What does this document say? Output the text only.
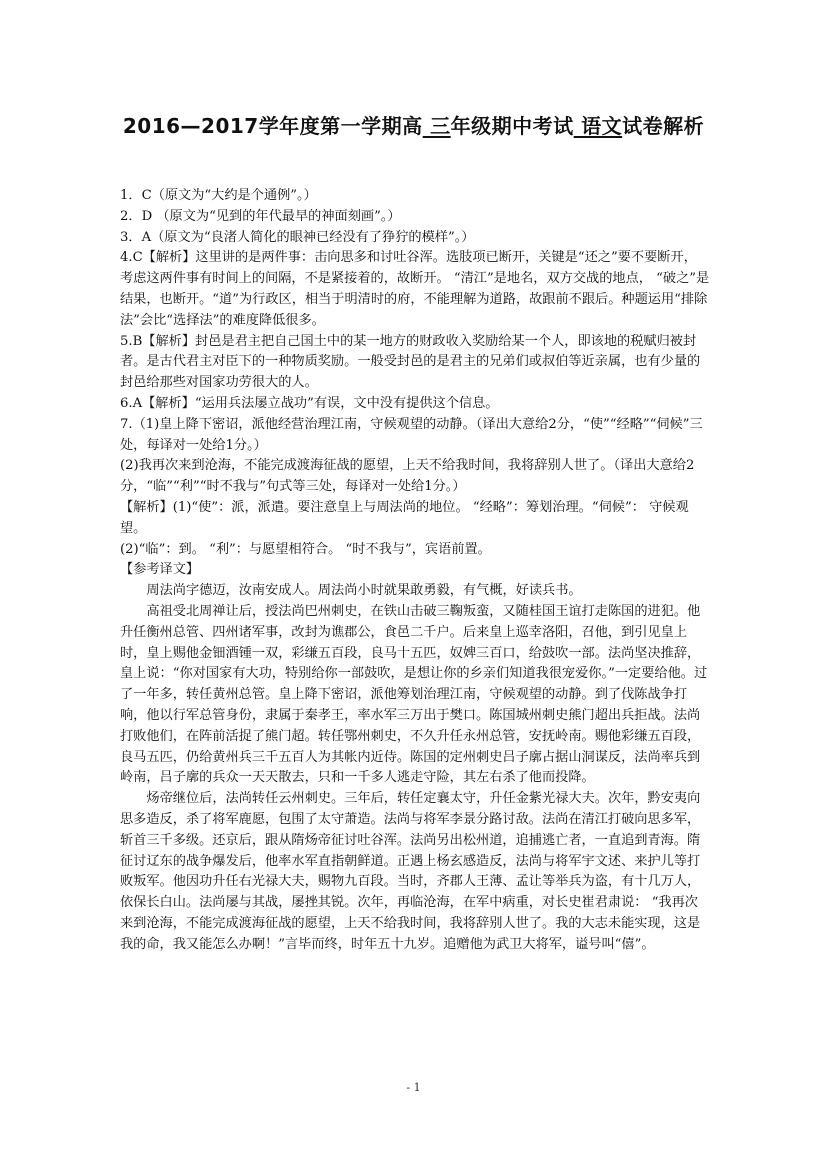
2016—2017学年度第一学期高 三年级期中考试 语文试卷解析

1．C（原文为“大约是个通例”。）

2．D （原文为“见到的年代最早的神面刻画”。）

3．A（原文为“良渚人简化的眼神已经没有了狰狞的模样”。）

4.C【解析】这里讲的是两件事：击向思多和讨吐谷浑。选肢项已断开，关键是“还之”要不要断开，考虑这两件事有时间上的间隔，不是紧接着的，故断开。 “清江”是地名，双方交战的地点， “破之”是结果，也断开。“道”为行政区，相当于明清时的府，不能理解为道路，故跟前不跟后。种题运用“排除法”会比“选择法”的难度降低很多。

5.B【解析】封邑是君主把自己国土中的某一地方的财政收入奖励给某一个人，即该地的税赋归被封者。是古代君主对臣下的一种物质奖励。一般受封邑的是君主的兄弟们或叔伯等近亲属，也有少量的封邑给那些对国家功劳很大的人。

6.A【解析】“运用兵法屡立战功”有误，文中没有提供这个信息。

7.（1)皇上降下密诏，派他经营治理江南，守候观望的动静。（译出大意给2分，“使”“经略”“伺候”三处，每译对一处给1分。）

(2)我再次来到沧海，不能完成渡海征战的愿望，上天不给我时间，我将辞别人世了。（译出大意给2分，“临”“利”“时不我与”句式等三处，每译对一处给1分。）

【解析】(1)“使”：派，派遣。要注意皇上与周法尚的地位。 “经略”：筹划治理。“伺候”： 守候观望。

(2)“临”：到。 “利”：与愿望相符合。 “时不我与”，宾语前置。

【参考译文】

周法尚字德迈，汝南安成人。周法尚小时就果敢勇毅，有气概，好读兵书。

高祖受北周禅让后，授法尚巴州刺史，在铁山击破三鞠叛蛮，又随桂国王谊打走陈国的进犯。他升任衡州总管、四州诸军事，改封为谯郡公，食邑二千户。后来皇上巡幸洛阳，召他，到引见皇上时，皇上赐他金钿酒锺一双，彩缣五百段，良马十五匹，奴婢三百口，给鼓吹一部。法尚坚决推辞，皇上说：“你对国家有大功，特别给你一部鼓吹，是想让你的乡亲们知道我很宠爱你。”一定要给他。过了一年多，转任黄州总管。皇上降下密诏，派他筹划治理江南，守候观望的动静。到了伐陈战争打响，他以行军总管身份，隶属于秦孝王，率水军三万出于樊口。陈国城州刺史熊门超出兵拒战。法尚打败他们，在阵前活捉了熊门超。转任鄂州刺史，不久升任永州总管，安抚岭南。赐他彩缣五百段，良马五匹，仍给黄州兵三千五百人为其帐内近侍。陈国的定州刺史吕子廓占据山洞谋反，法尚率兵到岭南，吕子廓的兵众一天天散去，只和一千多人逃走守险，其左右杀了他而投降。

炀帝继位后，法尚转任云州刺史。三年后，转任定襄太守，升任金紫光禄大夫。次年，黔安夷向思多造反，杀了将军鹿愿，包围了太守萧造。法尚与将军李景分路讨敌。法尚在清江打破向思多军，斩首三千多级。还京后，跟从隋炀帝征讨吐谷浑。法尚另出松州道，追捕逃亡者，一直追到青海。隋征讨辽东的战争爆发后，他率水军直指朝鲜道。正遇上杨玄感造反，法尚与将军宇文述、来护儿等打败叛军。他因功升任右光禄大夫，赐物九百段。当时，齐郡人王薄、孟让等举兵为盗，有十几万人，依保长白山。法尚屡与其战，屡挫其锐。次年，再临沧海，在军中病重，对长史崔君肃说： “我再次来到沧海，不能完成渡海征战的愿望，上天不给我时间，我将辞别人世了。我的大志未能实现，这是我的命，我又能怎么办啊！”言毕而终，时年五十九岁。追赠他为武卫大将军，谥号叫“僖”。

- 1
